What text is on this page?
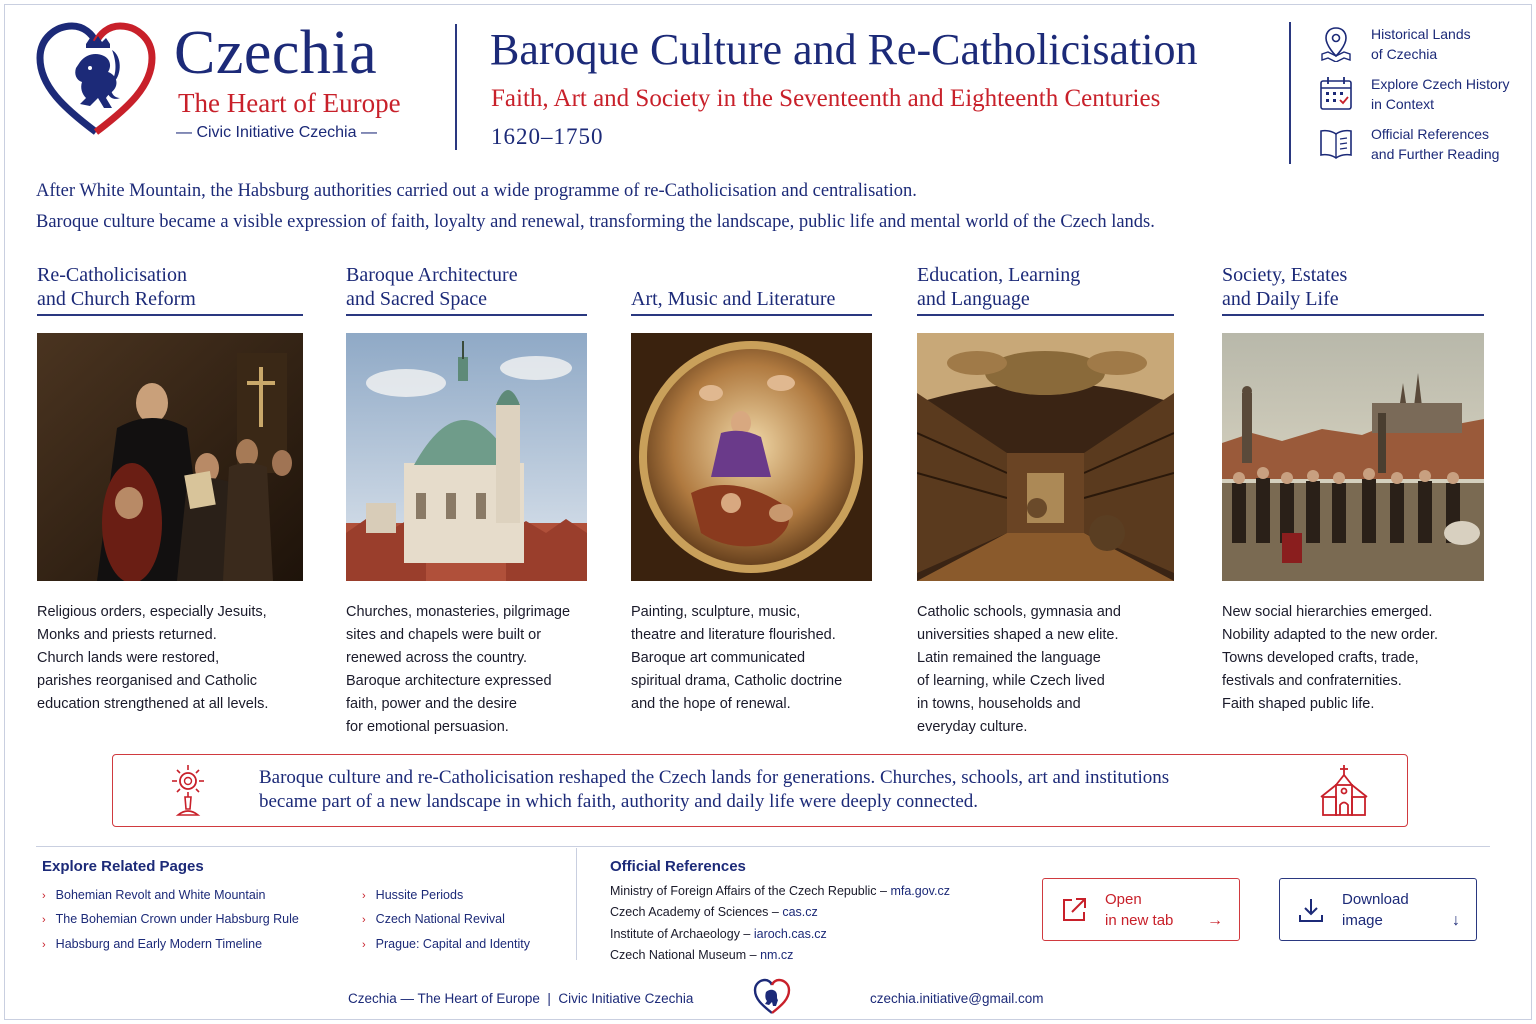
Czechia
The Heart of Europe
— Civic Initiative Czechia —
Baroque Culture and Re-Catholicisation
Faith, Art and Society in the Seventeenth and Eighteenth Centuries
1620–1750
Historical Lands
of Czechia
Explore Czech History
in Context
Official References
and Further Reading
After White Mountain, the Habsburg authorities carried out a wide programme of re-Catholicisation and centralisation.
Baroque culture became a visible expression of faith, loyalty and renewal, transforming the landscape, public life and mental world of the Czech lands.
Re-Catholicisation
and Church Reform

Religious orders, especially Jesuits,
Monks and priests returned.
Church lands were restored,
parishes reorganised and Catholic
education strengthened at all levels.

Baroque Architecture
and Sacred Space

Churches, monasteries, pilgrimage
sites and chapels were built or
renewed across the country.
Baroque architecture expressed
faith, power and the desire
for emotional persuasion.

Art, Music and Literature

Painting, sculpture, music,
theatre and literature flourished.
Baroque art communicated
spiritual drama, Catholic doctrine
and the hope of renewal.

Education, Learning
and Language

Catholic schools, gymnasia and
universities shaped a new elite.
Latin remained the language
of learning, while Czech lived
in towns, households and
everyday culture.

Society, Estates
and Daily Life

New social hierarchies emerged.
Nobility adapted to the new order.
Towns developed crafts, trade,
festivals and confraternities.
Faith shaped public life.

Baroque culture and re-Catholicisation reshaped the Czech lands for generations. Churches, schools, art and institutions
became part of a new landscape in which faith, authority and daily life were deeply connected.
Explore Related Pages
› Bohemian Revolt and White Mountain
› The Bohemian Crown under Habsburg Rule
› Habsburg and Early Modern Timeline
› Hussite Periods
› Czech National Revival
› Prague: Capital and Identity
Official References
Ministry of Foreign Affairs of the Czech Republic – mfa.gov.cz
Czech Academy of Sciences – cas.cz
Institute of Archaeology – iaroch.cas.cz
Czech National Museum – nm.cz
Open
in new tab	→
Download
image	↓
Czechia — The Heart of Europe  |  Civic Initiative Czechia	czechia.initiative@gmail.com
